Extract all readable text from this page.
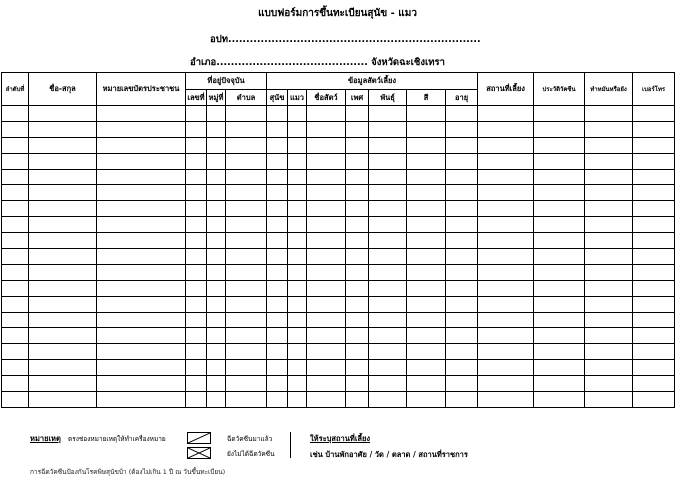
แบบฟอร์มการขึ้นทะเบียนสุนัข - แมว
อปท......................................................................
อำเภอ.......................................... จังหวัดฉะเชิงเทรา
ลำดับที่	ชื่อ-สกุล	หมายเลขบัตรประชาชน	ที่อยู่ปัจจุบัน			ข้อมูลสัตว์เลี้ยง							สถานที่เลี้ยง	ประวัติวัคซีน	ทำหมันหรือยัง	เบอร์โทร
			เลขที่	หมู่ที่	ตำบล	สุนัข	แมว	ชื่อสัตว์	เพศ	พันธุ์	สี	อายุ				

หมายเหตุ ตรงช่องหมายเหตุให้ทำเครื่องหมาย	ฉีดวัคซีนมาแล้ว
ยังไม่ได้ฉีดวัคซีน
ให้ระบุสถานที่เลี้ยง
เช่น บ้านพักอาศัย / วัด / ตลาด / สถานที่ราชการ
การฉีดวัคซีนป้องกันโรคพิษสุนัขบ้า (ต้องไม่เกิน 1 ปี ณ วันขึ้นทะเบียน)
